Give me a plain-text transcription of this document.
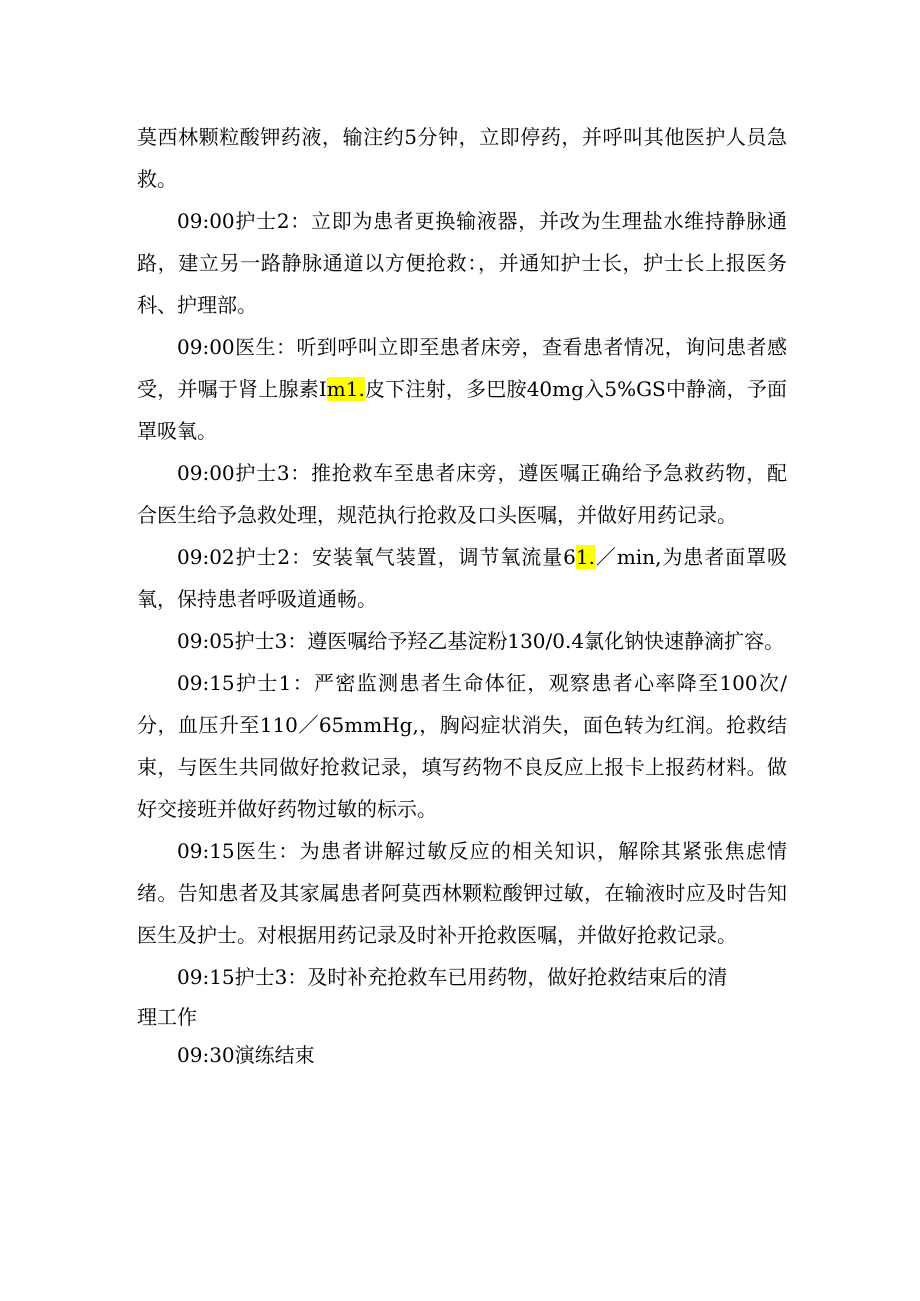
莫西林颗粒酸钾药液，输注约5分钟，立即停药，并呼叫其他医护人员急救。

09:00护士2：立即为患者更换输液器，并改为生理盐水维持静脉通路，建立另一路静脉通道以方便抢救：，并通知护士长，护士长上报医务科、护理部。

09:00医生：听到呼叫立即至患者床旁，查看患者情况，询问患者感受，并嘱于肾上腺素Im1.皮下注射，多巴胺40mg入5%GS中静滴，予面罩吸氧。

09:00护士3：推抢救车至患者床旁，遵医嘱正确给予急救药物，配合医生给予急救处理，规范执行抢救及口头医嘱，并做好用药记录。

09:02护士2：安装氧气装置，调节氧流量61.／min,为患者面罩吸氧，保持患者呼吸道通畅。

09:05护士3：遵医嘱给予羟乙基淀粉130/0.4氯化钠快速静滴扩容。

09:15护士1：严密监测患者生命体征，观察患者心率降至100次/分，血压升至110／65mmHg,，胸闷症状消失，面色转为红润。抢救结束，与医生共同做好抢救记录，填写药物不良反应上报卡上报药材料。做好交接班并做好药物过敏的标示。

09:15医生：为患者讲解过敏反应的相关知识，解除其紧张焦虑情绪。告知患者及其家属患者阿莫西林颗粒酸钾过敏，在输液时应及时告知医生及护士。对根据用药记录及时补开抢救医嘱，并做好抢救记录。

09:15护士3：及时补充抢救车已用药物，做好抢救结束后的清

理工作

09:30演练结束
